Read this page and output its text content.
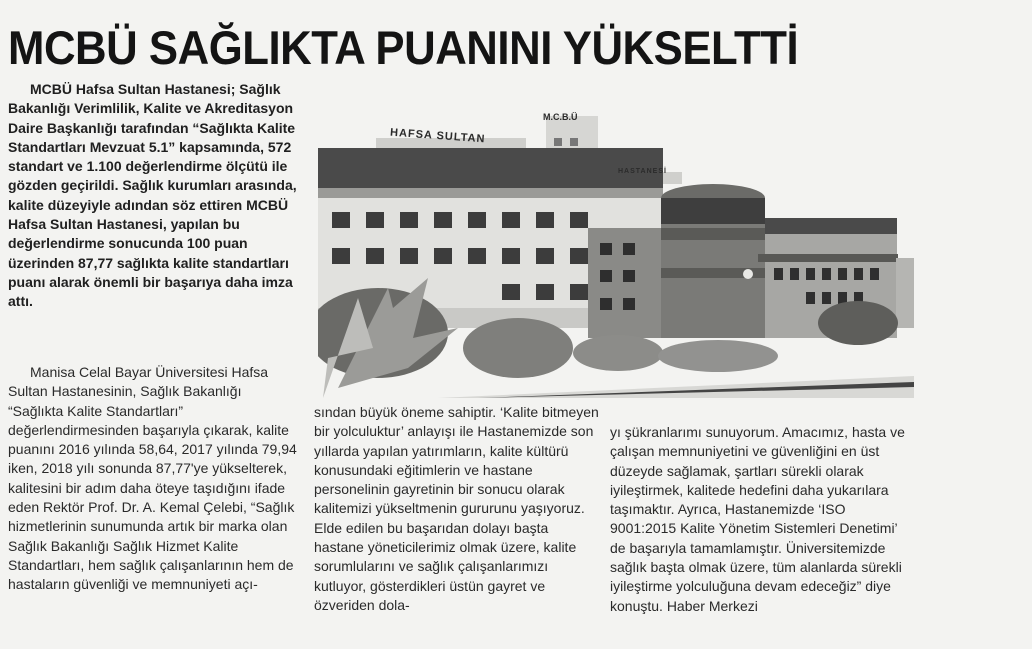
MCBÜ SAĞLIKTA PUANINI YÜKSELTTİ

MCBÜ Hafsa Sultan Hastanesi; Sağlık Bakanlığı Verimlilik, Kalite ve Akreditasyon Daire Başkanlığı tarafından “Sağlıkta Kalite Standartları Mevzuat 5.1” kapsamında, 572 standart ve 1.100 değerlendirme ölçütü ile gözden geçirildi. Sağlık kurumları arasında, kalite düzeyiyle adından söz ettiren MCBÜ Hafsa Sultan Hastanesi, yapılan bu değerlendirme sonucunda 100 puan üzerinden 87,77 sağlıkta kalite standartları puanı alarak önemli bir başarıya daha imza attı.

HAFSA SULTAN
M.C.B.Ü
HASTANESİ

Manisa Celal Bayar Üniversitesi Hafsa Sultan Hastanesinin, Sağlık Bakanlığı “Sağlıkta Kalite Standartları” değerlendirmesinden başarıyla çıkarak, kalite puanını 2016 yılında 58,64, 2017 yılında 79,94 iken, 2018 yılı sonunda 87,77'ye yükselterek, kalitesini bir adım daha öteye taşıdığını ifade eden Rektör Prof. Dr. A. Kemal Çelebi, “Sağlık hizmetlerinin sunumunda artık bir marka olan Sağlık Bakanlığı Sağlık Hizmet Kalite Standartları, hem sağlık çalışanlarının hem de hastaların güvenliği ve memnuniyeti açı-

sından büyük öneme sahiptir. ‘Kalite bitmeyen bir yolculuktur’ anlayışı ile Hastanemizde son yıllarda yapılan yatırımların, kalite kültürü konusundaki eğitimlerin ve hastane personelinin gayretinin bir sonucu olarak kalitemizi yükseltmenin gururunu yaşıyoruz. Elde edilen bu başarıdan dolayı başta hastane yöneticilerimiz olmak üzere, kalite sorumlularını ve sağlık çalışanlarımızı kutluyor, gösterdikleri üstün gayret ve özveriden dola-

yı şükranlarımı sunuyorum. Amacımız, hasta ve çalışan memnuniyetini ve güvenliğini en üst düzeyde sağlamak, şartları sürekli olarak iyileştirmek, kalitede hedefini daha yukarılara taşımaktır. Ayrıca, Hastanemizde ‘ISO 9001:2015 Kalite Yönetim Sistemleri Denetimi’ de başarıyla tamamlamıştır. Üniversitemizde sağlık başta olmak üzere, tüm alanlarda sürekli iyileştirme yolculuğuna devam edeceğiz” diye konuştu. Haber Merkezi
